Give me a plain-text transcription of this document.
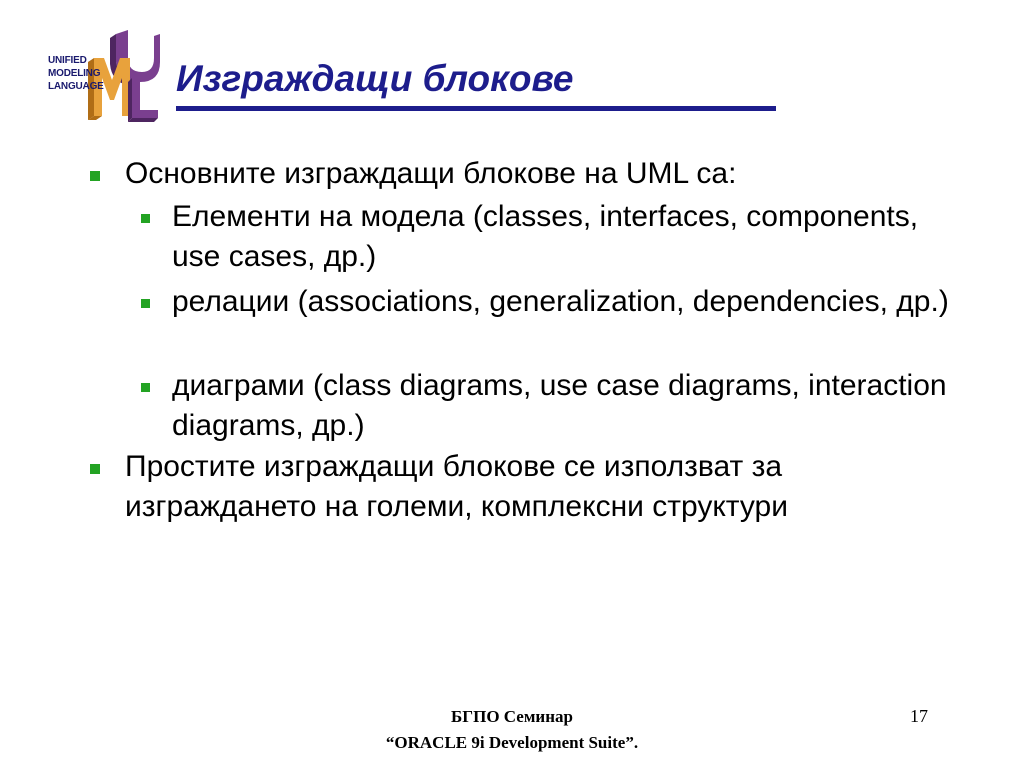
UNIFIED
MODELING
LANGUAGE Изграждащи блокове
Основните изграждащи блокове на UML са:
Елементи на модела (classes, interfaces, components, use cases, др.)
релации (associations, generalization, dependencies, др.)
диаграми (class diagrams, use case diagrams, interaction diagrams, др.)
Простите изграждащи блокове се използват за изграждането на големи, комплексни структури
БГПО Семинар
“ORACLE 9i Development Suite”.
17
